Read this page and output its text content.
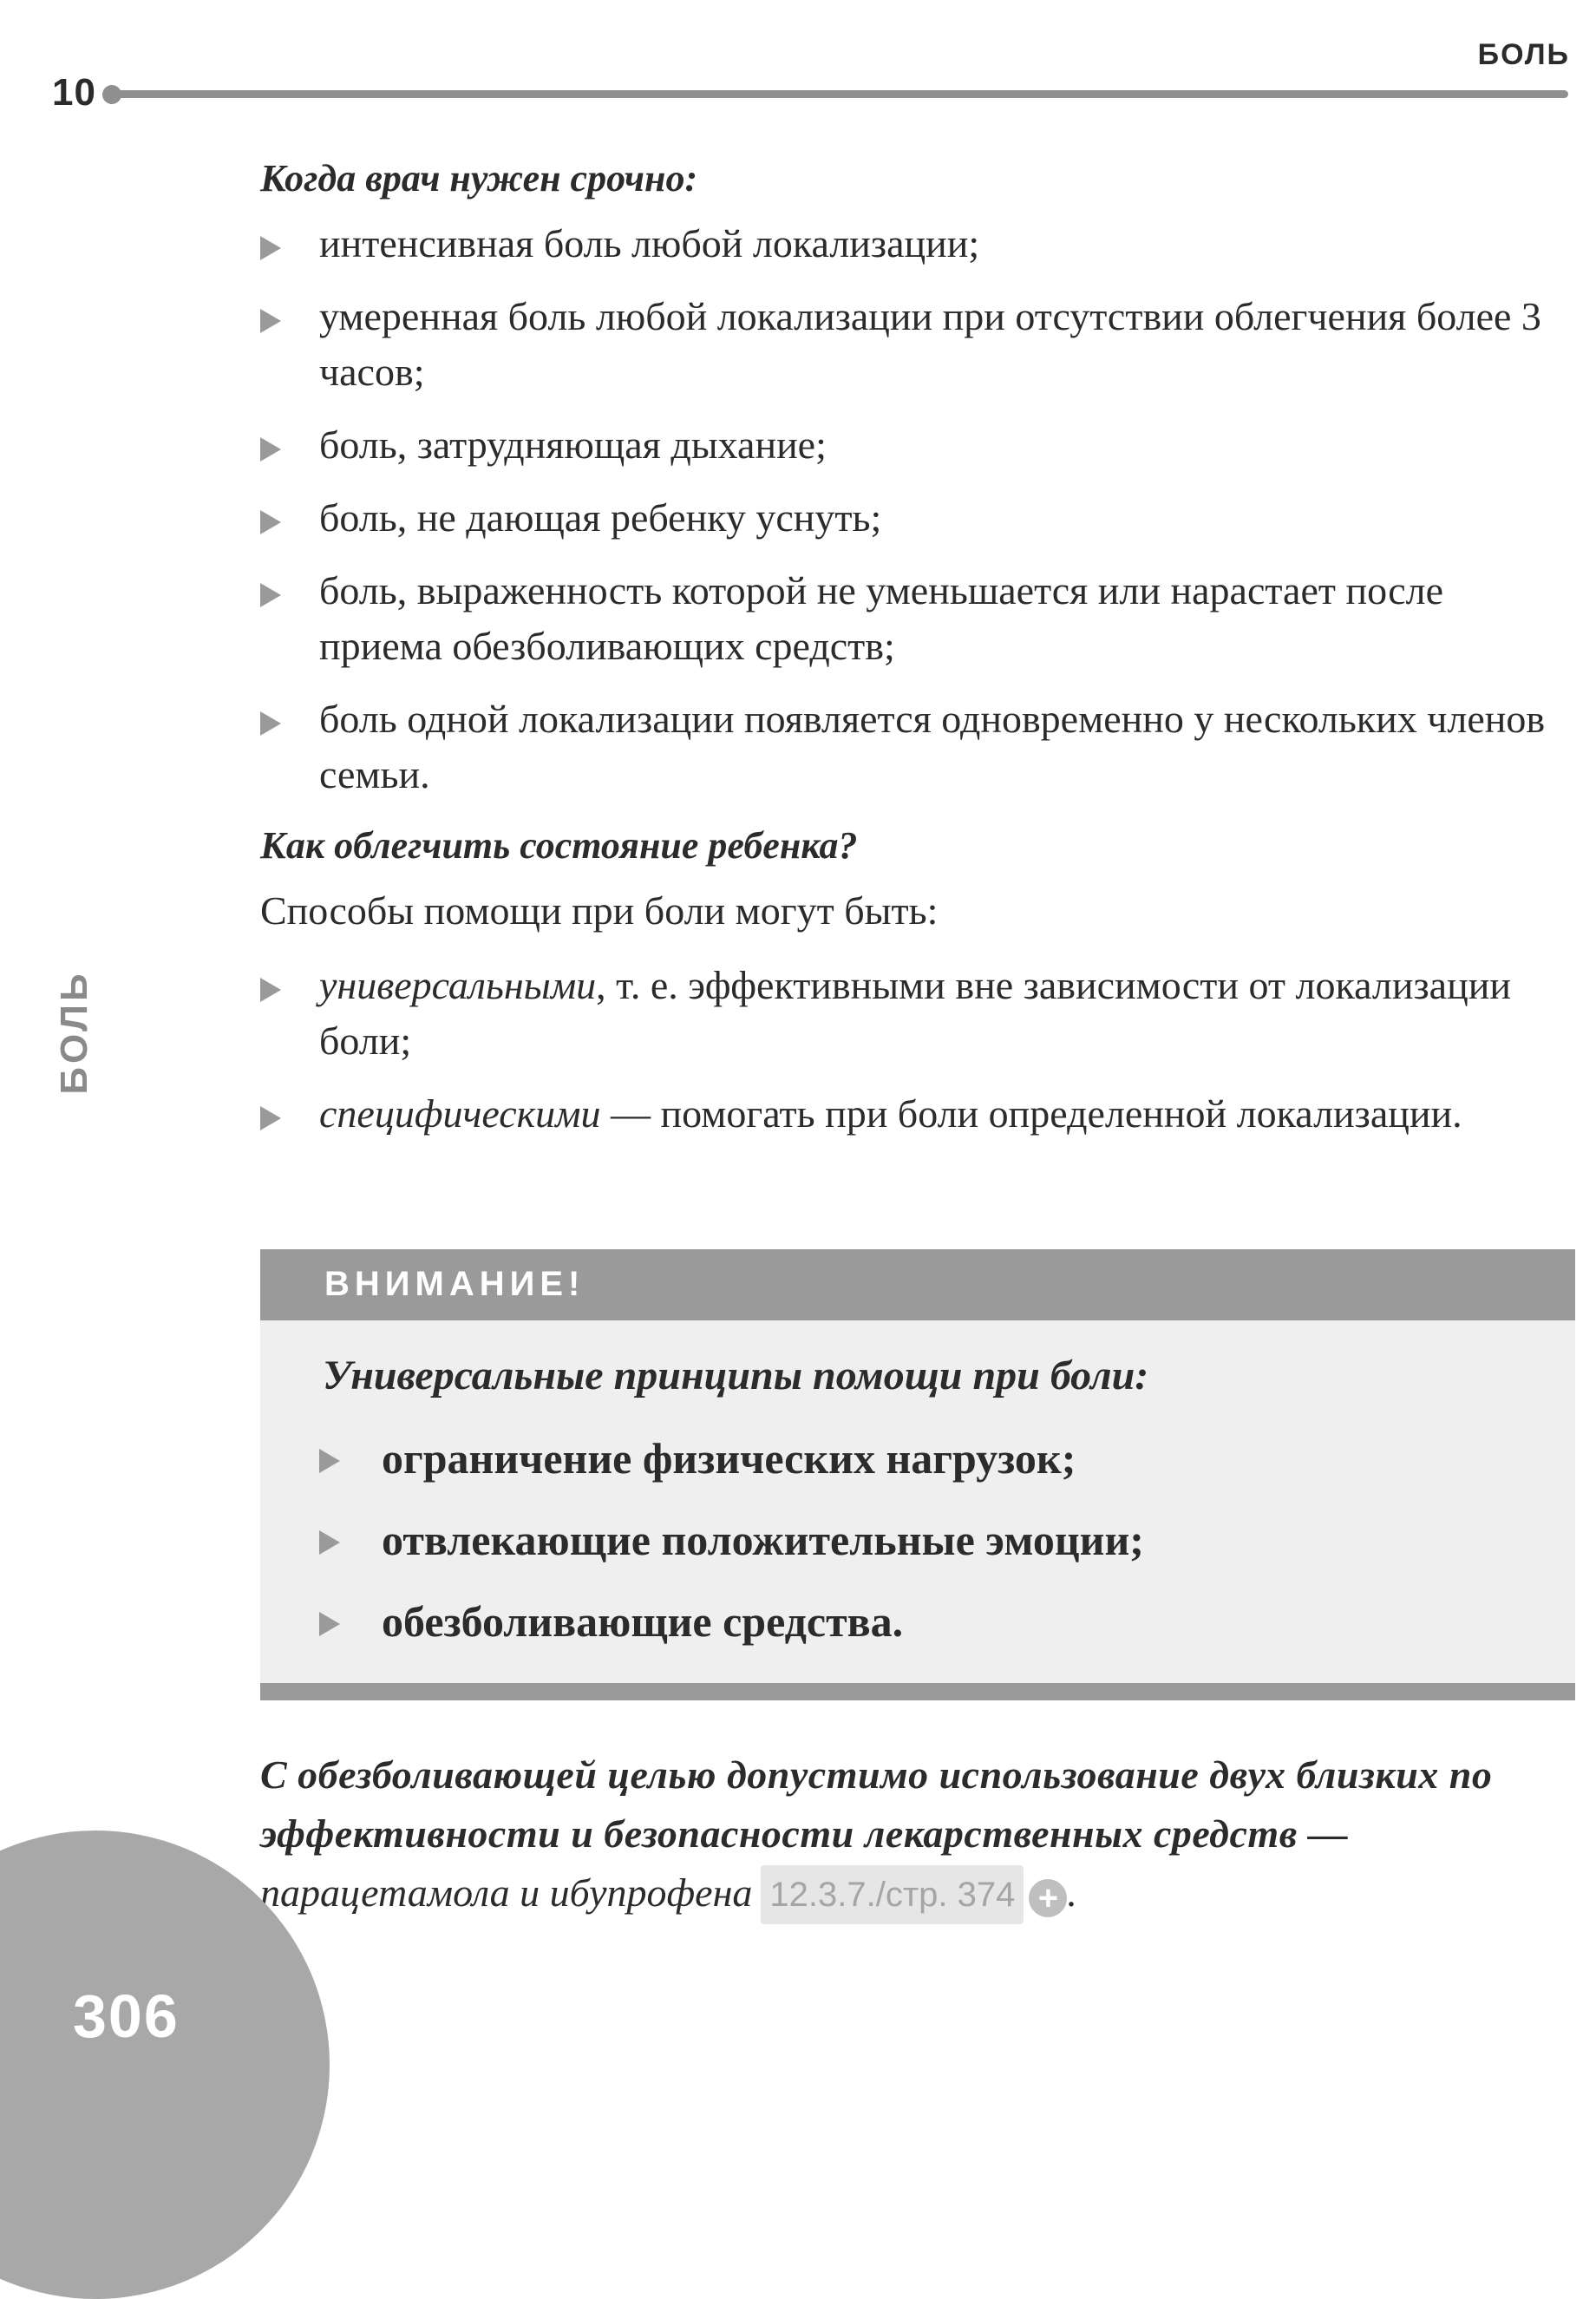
10
БОЛЬ
БОЛЬ
Когда врач нужен срочно:
интенсивная боль любой локализации;
умеренная боль любой локализации при отсутствии облегчения более 3 часов;
боль, затрудняющая дыхание;
боль, не дающая ребенку уснуть;
боль, выраженность которой не уменьшается или нарастает после приема обезболивающих средств;
боль одной локализации появляется одновременно у нескольких членов семьи.
Как облегчить состояние ребенка?

Способы помощи при боли могут быть:

универсальными, т. е. эффективными вне зависимости от локализации боли;
специфическими — помогать при боли определенной локализации.
ВНИМАНИЕ!
Универсальные принципы помощи при боли:
ограничение физических нагрузок;
отвлекающие положительные эмоции;
обезболивающие средства.
С обезболивающей целью допустимо использование двух близких по эффективности и безопасности лекарственных средств — парацетамола и ибупрофена 12.3.7./стр. 374 + .
306
